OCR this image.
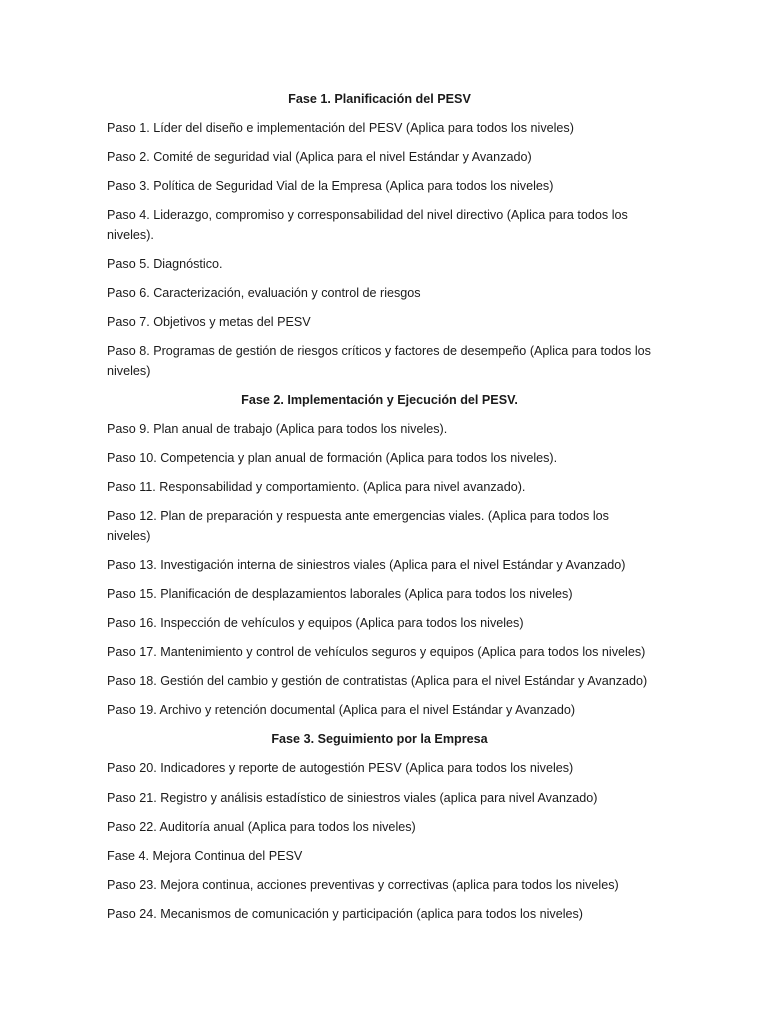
Fase 1. Planificación del PESV

Paso 1. Líder del diseño e implementación del PESV (Aplica para todos los niveles)

Paso 2. Comité de seguridad vial (Aplica para el nivel Estándar y Avanzado)

Paso 3. Política de Seguridad Vial de la Empresa (Aplica para todos los niveles)

Paso 4. Liderazgo, compromiso y corresponsabilidad del nivel directivo (Aplica para todos los niveles).

Paso 5. Diagnóstico.

Paso 6. Caracterización, evaluación y control de riesgos

Paso 7. Objetivos y metas del PESV

Paso 8. Programas de gestión de riesgos críticos y factores de desempeño (Aplica para todos los niveles)

Fase 2. Implementación y Ejecución del PESV.

Paso 9. Plan anual de trabajo (Aplica para todos los niveles).

Paso 10. Competencia y plan anual de formación (Aplica para todos los niveles).

Paso 11. Responsabilidad y comportamiento. (Aplica para nivel avanzado).

Paso 12. Plan de preparación y respuesta ante emergencias viales. (Aplica para todos los niveles)

Paso 13. Investigación interna de siniestros viales (Aplica para el nivel Estándar y Avanzado)

Paso 15. Planificación de desplazamientos laborales (Aplica para todos los niveles)

Paso 16. Inspección de vehículos y equipos (Aplica para todos los niveles)

Paso 17. Mantenimiento y control de vehículos seguros y equipos (Aplica para todos los niveles)

Paso 18. Gestión del cambio y gestión de contratistas (Aplica para el nivel Estándar y Avanzado)

Paso 19. Archivo y retención documental (Aplica para el nivel Estándar y Avanzado)

Fase 3. Seguimiento por la Empresa

Paso 20. Indicadores y reporte de autogestión PESV (Aplica para todos los niveles)

Paso 21. Registro y análisis estadístico de siniestros viales (aplica para nivel Avanzado)

Paso 22. Auditoría anual (Aplica para todos los niveles)

Fase 4. Mejora Continua del PESV

Paso 23. Mejora continua, acciones preventivas y correctivas (aplica para todos los niveles)

Paso 24. Mecanismos de comunicación y participación (aplica para todos los niveles)
